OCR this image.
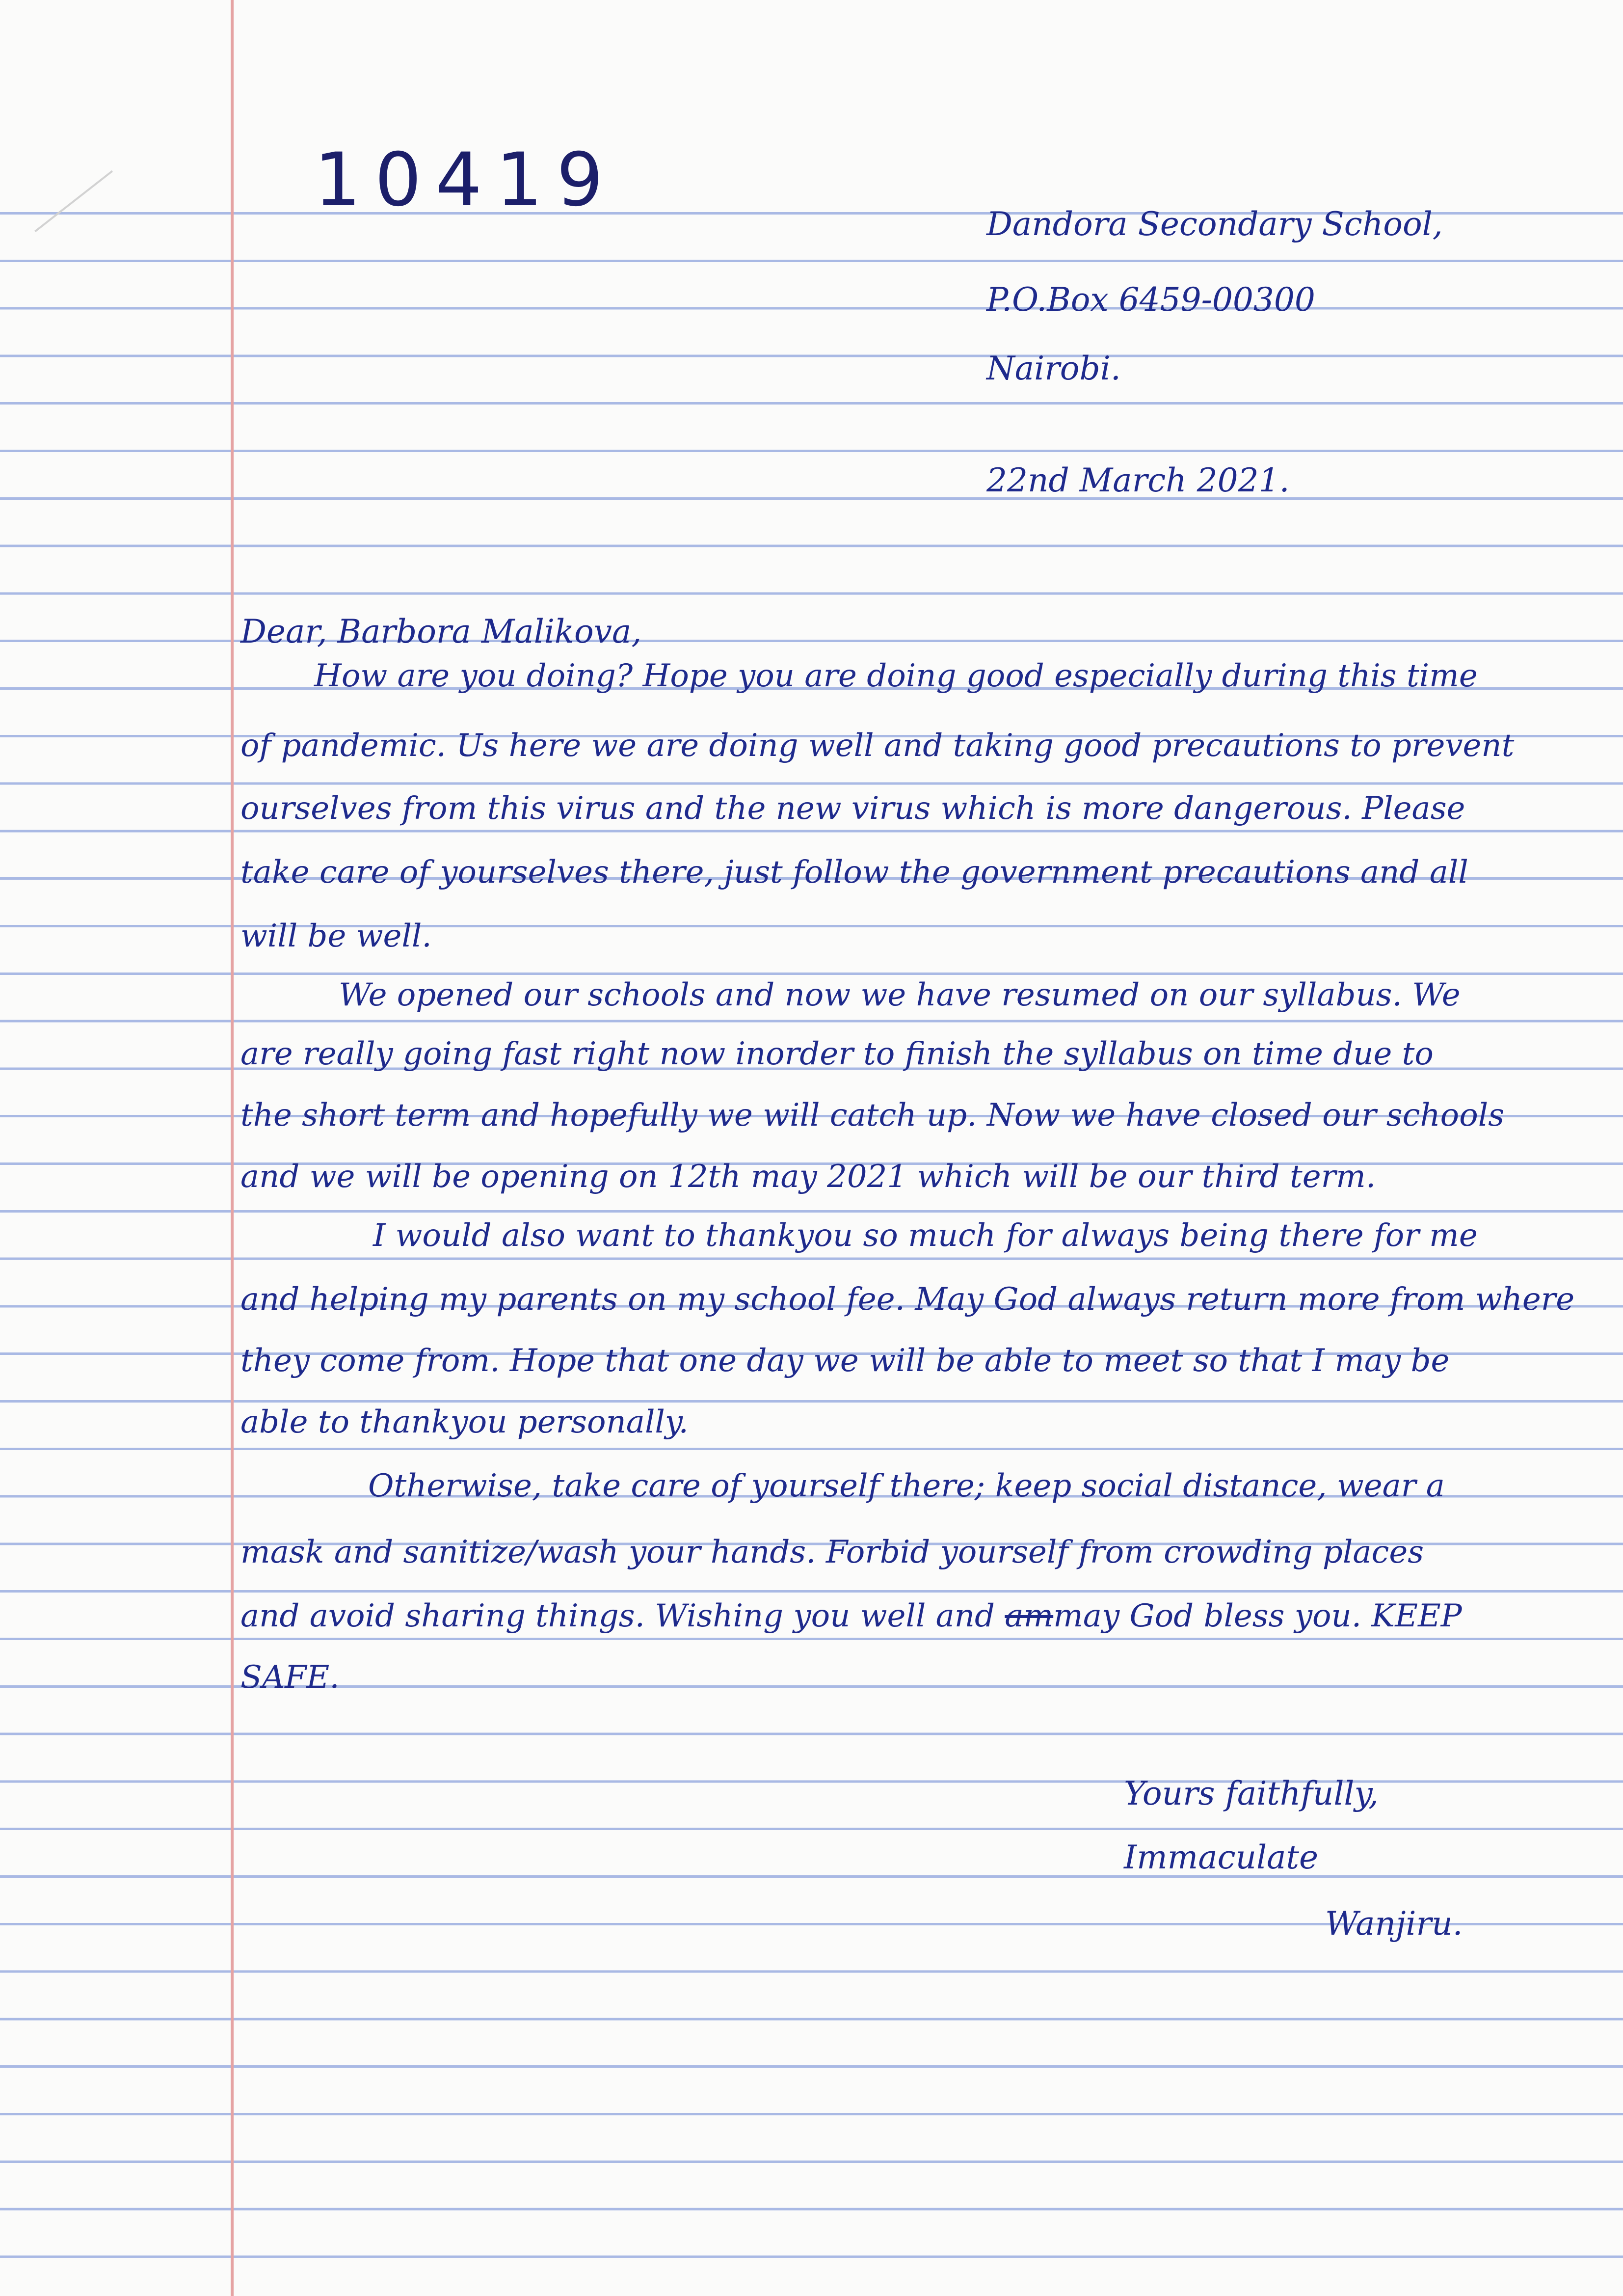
10419

Dandora Secondary School,

P.O.Box 6459-00300

Nairobi.

22nd March 2021.

Dear, Barbora Malikova,

How are you doing? Hope you are doing good especially during this time

of pandemic. Us here we are doing well and taking good precautions to prevent

ourselves from this virus and the new virus which is more dangerous. Please

take care of yourselves there, just follow the government precautions and all

will be well.

We opened our schools and now we have resumed on our syllabus. We

are really going fast right now inorder to finish the syllabus on time due to

the short term and hopefully we will catch up. Now we have closed our schools

and we will be opening on 12th may 2021 which will be our third term.

I would also want to thankyou so much for always being there for me

and helping my parents on my school fee. May God always return more from where

they come from. Hope that one day we will be able to meet so that I may be

able to thankyou personally.

Otherwise, take care of yourself there; keep social distance, wear a

mask and sanitize/wash your hands. Forbid yourself from crowding places

and avoid sharing things. Wishing you well and ammay God bless you. KEEP

SAFE.

Yours faithfully,

Immaculate

Wanjiru.
